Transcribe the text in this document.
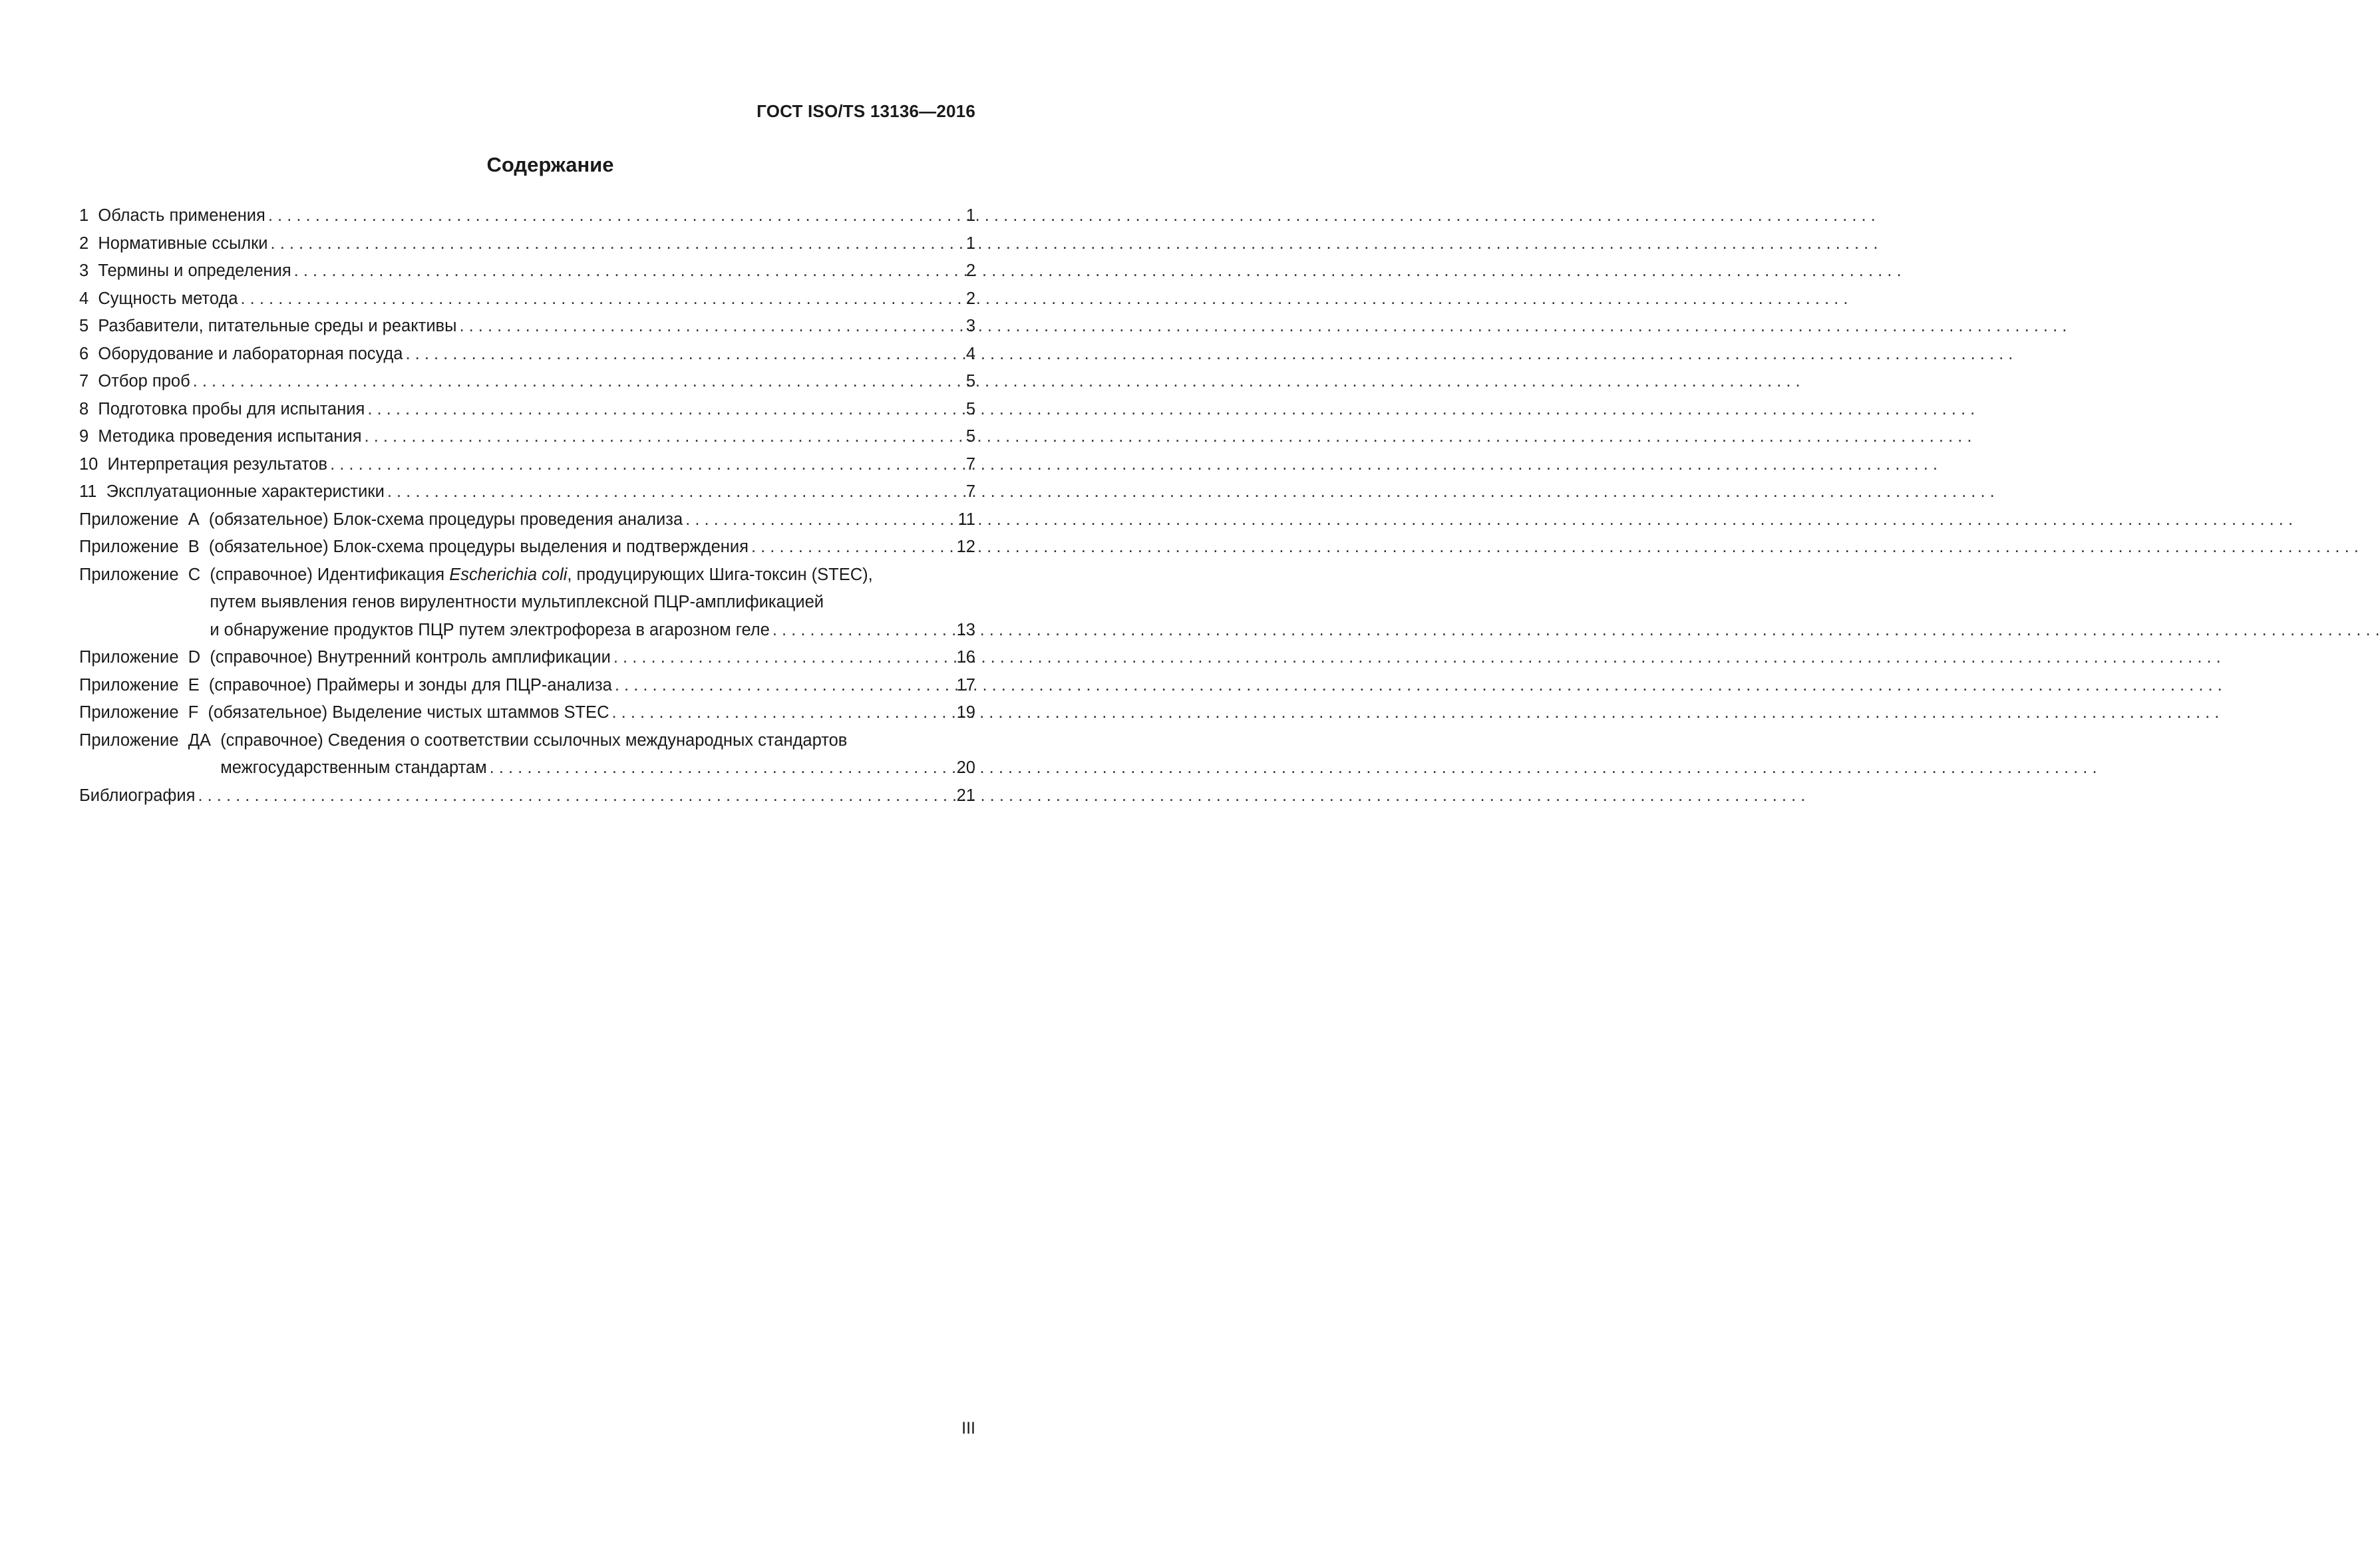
ГОСТ ISO/TS 13136—2016
Содержание
1 Область применения . . .	1
2 Нормативные ссылки . . .	1
3 Термины и определения . . .	2
4 Сущность метода . . .	2
5 Разбавители, питательные среды и реактивы . . .	3
6 Оборудование и лабораторная посуда . . .	4
7 Отбор проб . . .	5
8 Подготовка пробы для испытания . . .	5
9 Методика проведения испытания . . .	5
10 Интерпретация результатов . . .	7
11 Эксплуатационные характеристики . . .	7
Приложение  А (обязательное) Блок-схема процедуры проведения анализа . . .	11
Приложение  В (обязательное) Блок-схема процедуры выделения и подтверждения . . .	12
Приложение  С (справочное) Идентификация Escherichia coli, продуцирующих Шига-токсин (STEC),
путем выявления генов вирулентности мультиплексной ПЦР-амплификацией
и обнаружение продуктов ПЦР путем электрофореза в агарозном геле . . .	13
Приложение  D (справочное) Внутренний контроль амплификации . . .	16
Приложение  Е (справочное) Праймеры и зонды для ПЦР-анализа . . .	17
Приложение  F (обязательное) Выделение чистых штаммов STEC . . .	19
Приложение  ДА (справочное) Сведения о соответствии ссылочных международных стандартов
межгосударственным стандартам . . .	20
Библиография . . .	21
III
